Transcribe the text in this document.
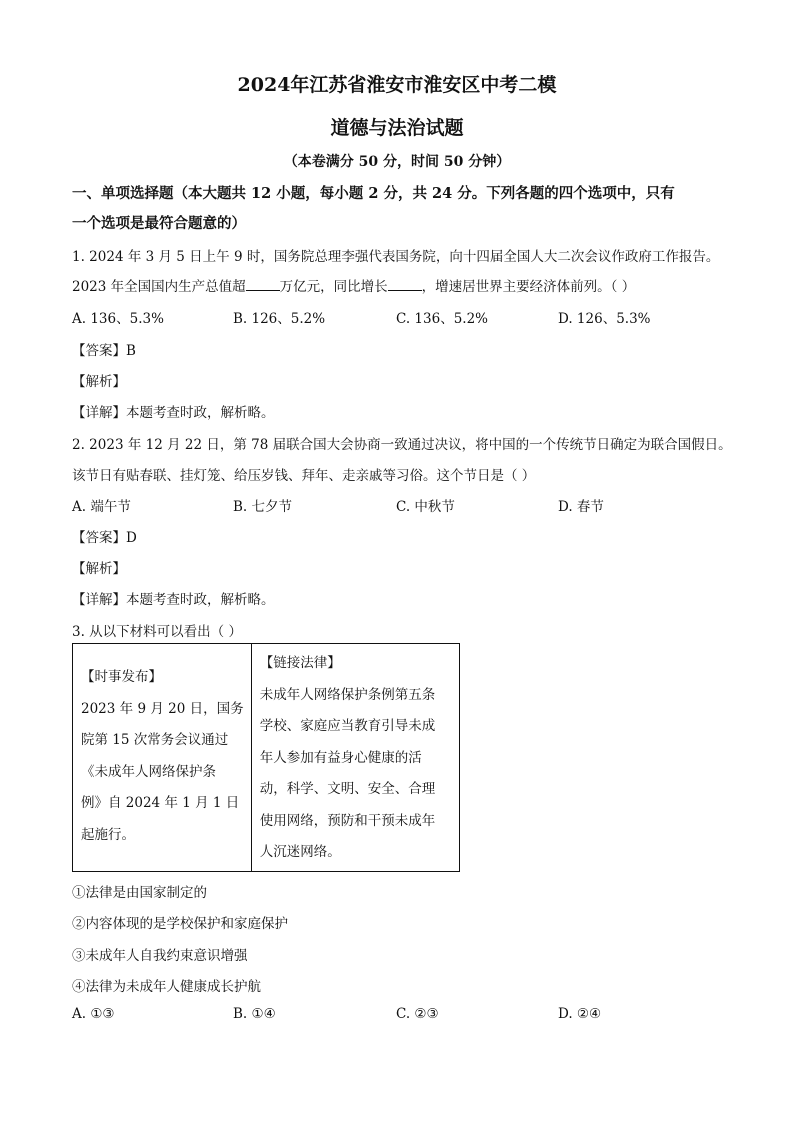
2024年江苏省淮安市淮安区中考二模
道德与法治试题
（本卷满分 50 分，时间 50 分钟）
一、单项选择题（本大题共 12 小题，每小题 2 分，共 24 分。下列各题的四个选项中，只有
一个选项是最符合题意的）
1. 2024 年 3 月 5 日上午 9 时，国务院总理李强代表国务院，向十四届全国人大二次会议作政府工作报告。
2023 年全国国内生产总值超	万亿元，同比增长	，增速居世界主要经济体前列。（ ）
A. 136、5.3%	B. 126、5.2%	C. 136、5.2%	D. 126、5.3%
【答案】B
【解析】
【详解】本题考查时政，解析略。
2. 2023 年 12 月 22 日，第 78 届联合国大会协商一致通过决议，将中国的一个传统节日确定为联合国假日。
该节日有贴春联、挂灯笼、给压岁钱、拜年、走亲戚等习俗。这个节日是（ ）
A. 端午节	B. 七夕节	C. 中秋节	D. 春节
【答案】D
【解析】
【详解】本题考查时政，解析略。
3. 从以下材料可以看出（ ）
【时事发布】
2023 年 9 月 20 日，国务
院第 15 次常务会议通过
《未成年人网络保护条
例》自 2024 年 1 月 1 日
起施行。

【链接法律】
未成年人网络保护条例第五条
学校、家庭应当教育引导未成
年人参加有益身心健康的活
动，科学、文明、安全、合理
使用网络，预防和干预未成年
人沉迷网络。
①法律是由国家制定的
②内容体现的是学校保护和家庭保护
③未成年人自我约束意识增强
④法律为未成年人健康成长护航
A. ①③	B. ①④	C. ②③	D. ②④
